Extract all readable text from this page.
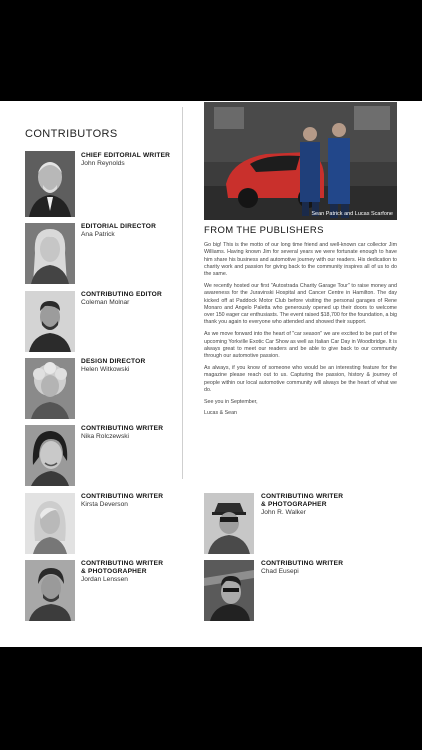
CONTRIBUTORS
CHIEF EDITORIAL WRITER
John Reynolds
EDITORIAL DIRECTOR
Ana Patrick
CONTRIBUTING EDITOR
Coleman Molnar
DESIGN DIRECTOR
Helen Witkowski
CONTRIBUTING WRITER
Nika Rolczewski
CONTRIBUTING WRITER
Kirsta Deverson
CONTRIBUTING WRITER
& PHOTOGRAPHER
Jordan Lenssen
CONTRIBUTING WRITER
& PHOTOGRAPHER
John R. Walker
CONTRIBUTING WRITER
Chad Eusepi
Sean Patrick and Lucas Scarfone
FROM THE PUBLISHERS

Go big! This is the motto of our long time friend and well-known car collector Jim Williams. Having known Jim for several years we were fortunate enough to have him share his business and automotive journey with our readers. His dedication to charity work and passion for giving back to the community inspires all of us to do the same.

We recently hosted our first "Autostrada Charity Garage Tour" to raise money and awareness for the Juravinski Hospital and Cancer Centre in Hamilton. The day kicked off at Paddock Motor Club before visiting the personal garages of Rene Monaro and Angelo Paletta who generously opened up their doors to welcome over 150 eager car enthusiasts. The event raised $18,700 for the foundation, a big thank you again to everyone who attended and showed their support.

As we move forward into the heart of "car season" we are excited to be part of the upcoming Yorkville Exotic Car Show as well as Italian Car Day in Woodbridge. It is always great to meet our readers and be able to give back to our community through our automotive passion.

As always, if you know of someone who would be an interesting feature for the magazine please reach out to us. Capturing the passion, history & journey of people within our local automotive community will always be the heart of what we do.

See you in September,

Lucas & Sean
